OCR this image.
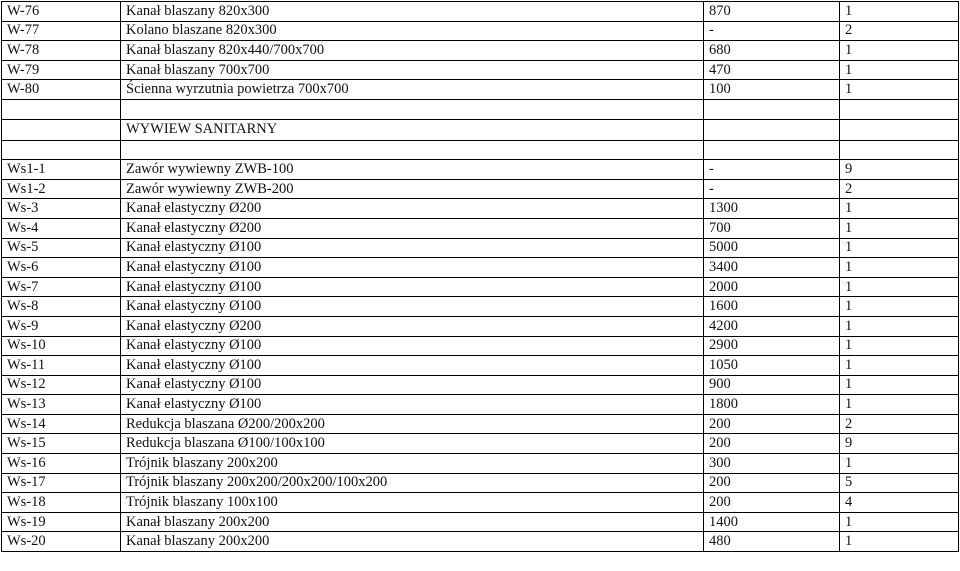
W-76	Kanał blaszany 820x300	870	1
W-77	Kolano blaszane 820x300	-	2
W-78	Kanał blaszany 820x440/700x700	680	1
W-79	Kanał blaszany 700x700	470	1
W-80	Ścienna wyrzutnia powietrza 700x700	100	1

	WYWIEW SANITARNY		

Ws1-1	Zawór wywiewny ZWB-100	-	9
Ws1-2	Zawór wywiewny ZWB-200	-	2
Ws-3	Kanał elastyczny Ø200	1300	1
Ws-4	Kanał elastyczny Ø200	700	1
Ws-5	Kanał elastyczny Ø100	5000	1
Ws-6	Kanał elastyczny Ø100	3400	1
Ws-7	Kanał elastyczny Ø100	2000	1
Ws-8	Kanał elastyczny Ø100	1600	1
Ws-9	Kanał elastyczny Ø200	4200	1
Ws-10	Kanał elastyczny Ø100	2900	1
Ws-11	Kanał elastyczny Ø100	1050	1
Ws-12	Kanał elastyczny Ø100	900	1
Ws-13	Kanał elastyczny Ø100	1800	1
Ws-14	Redukcja blaszana Ø200/200x200	200	2
Ws-15	Redukcja blaszana Ø100/100x100	200	9
Ws-16	Trójnik blaszany 200x200	300	1
Ws-17	Trójnik blaszany 200x200/200x200/100x200	200	5
Ws-18	Trójnik blaszany 100x100	200	4
Ws-19	Kanał blaszany 200x200	1400	1
Ws-20	Kanał blaszany 200x200	480	1
